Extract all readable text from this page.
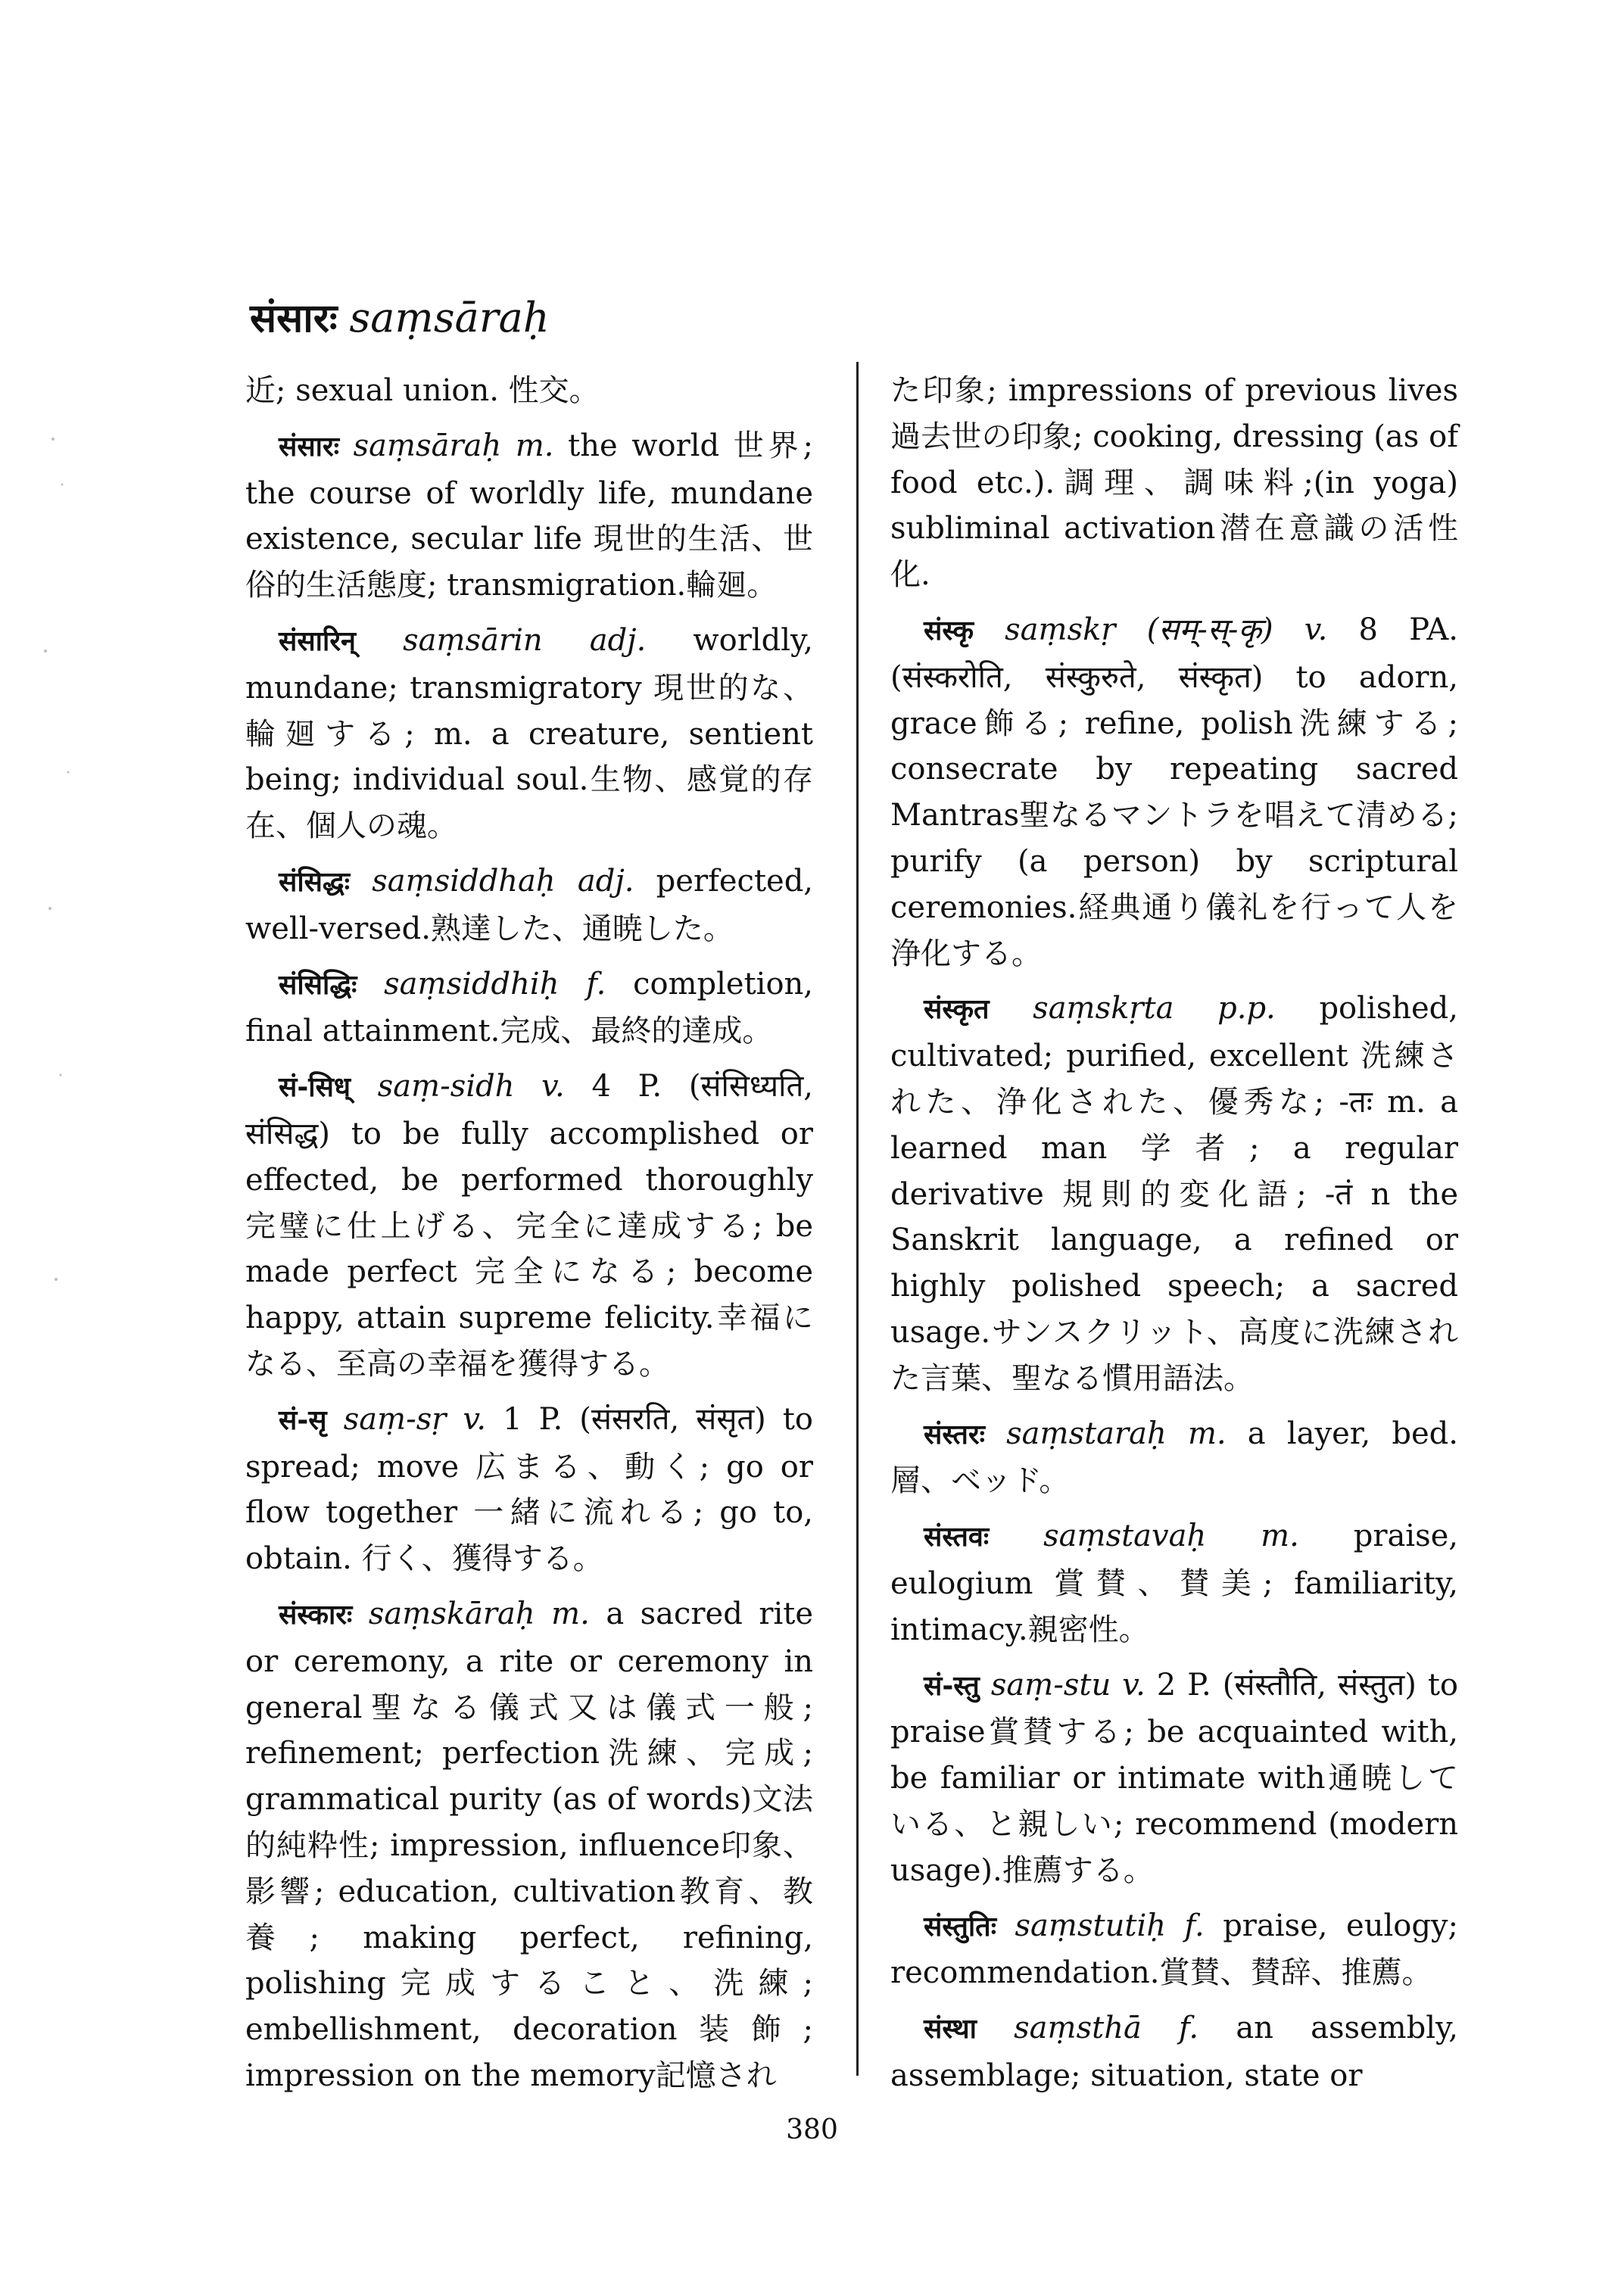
संसारः saṃsāraḥ

近; sexual union. 性交。

संसारः saṃsāraḥ m. the world 世界; the course of worldly life, mundane existence, secular life 現世的生活、世俗的生活態度; transmigration.輪廻。

संसारिन् saṃsārin adj. worldly, mundane; transmigratory 現世的な、輪廻する; m. a creature, sentient being; individual soul.生物、感覚的存在、個人の魂。

संसिद्धः saṃsiddhaḥ adj. perfected, well-versed.熟達した、通暁した。

संसिद्धिः saṃsiddhiḥ f. completion, final attainment.完成、最終的達成。

सं-सिध् saṃ-sidh v. 4 P. (संसिध्यति, संसिद्ध) to be fully accomplished or effected, be performed thoroughly 完璧に仕上げる、完全に達成する; be made perfect 完全になる; become happy, attain supreme felicity.幸福になる、至高の幸福を獲得する。

सं-सृ saṃ-sṛ v. 1 P. (संसरति, संसृत) to spread; move 広まる、動く; go or flow together 一緒に流れる; go to, obtain. 行く、獲得する。

संस्कारः saṃskāraḥ m. a sacred rite or ceremony, a rite or ceremony in general聖なる儀式又は儀式一般; refinement; perfection洗練、完成; grammatical purity (as of words)文法的純粋性; impression, influence印象、影響; education, cultivation教育、教養; making perfect, refining, polishing完成すること、洗練; embellishment, decoration装飾; impression on the memory記憶され

た印象; impressions of previous lives過去世の印象; cooking, dressing (as of food etc.).調理、調味料;(in yoga) subliminal activation潜在意識の活性化.

संस्कृ saṃskṛ (सम्-स्-कृ) v. 8 PA. (संस्करोति, संस्कुरुते, संस्कृत) to adorn, grace飾る; refine, polish洗練する; consecrate by repeating sacred Mantras聖なるマントラを唱えて清める; purify (a person) by scriptural ceremonies.経典通り儀礼を行って人を浄化する。

संस्कृत saṃskṛta p.p. polished, cultivated; purified, excellent 洗練された、浄化された、優秀な; -तः m. a learned man 学者; a regular derivative 規則的変化語; -तं n the Sanskrit language, a refined or highly polished speech; a sacred usage.サンスクリット、高度に洗練された言葉、聖なる慣用語法。

संस्तरः saṃstaraḥ m. a layer, bed.層、ベッド。

संस्तवः saṃstavaḥ m. praise, eulogium 賞賛、賛美; familiarity, intimacy.親密性。

सं-स्तु saṃ-stu v. 2 P. (संस्तौति, संस्तुत) to praise賞賛する; be acquainted with, be familiar or intimate with通暁している、と親しい; recommend (modern usage).推薦する。

संस्तुतिः saṃstutiḥ f. praise, eulogy; recommendation.賞賛、賛辞、推薦。

संस्था saṃsthā f. an assembly, assemblage; situation, state or

380
